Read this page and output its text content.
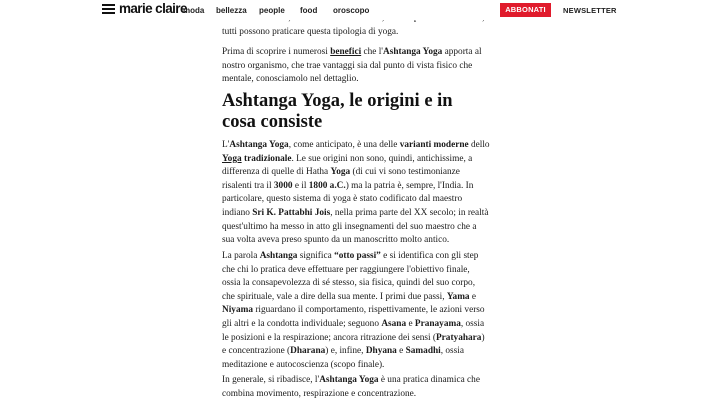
marie claire
moda bellezza people food oroscopo	ABBONATI	NEWSLETTER
tutti possono praticare questa tipologia di yoga.

Prima di scoprire i numerosi benefici che l'Ashtanga Yoga apporta al nostro organismo, che trae vantaggi sia dal punto di vista fisico che mentale, conosciamolo nel dettaglio.

Ashtanga Yoga, le origini e in cosa consiste

L'Ashtanga Yoga, come anticipato, è una delle varianti moderne dello Yoga tradizionale. Le sue origini non sono, quindi, antichissime, a differenza di quelle di Hatha Yoga (di cui vi sono testimonianze risalenti tra il 3000 e il 1800 a.C.) ma la patria è, sempre, l'India. In particolare, questo sistema di yoga è stato codificato dal maestro indiano Sri K. Pattabhi Jois, nella prima parte del XX secolo; in realtà quest'ultimo ha messo in atto gli insegnamenti del suo maestro che a sua volta aveva preso spunto da un manoscritto molto antico.

La parola Ashtanga significa “otto passi” e si identifica con gli step che chi lo pratica deve effettuare per raggiungere l'obiettivo finale, ossia la consapevolezza di sé stesso, sia fisica, quindi del suo corpo, che spirituale, vale a dire della sua mente. I primi due passi, Yama e Niyama riguardano il comportamento, rispettivamente, le azioni verso gli altri e la condotta individuale; seguono Asana e Pranayama, ossia le posizioni e la respirazione; ancora ritrazione dei sensi (Pratyahara) e concentrazione (Dharana) e, infine, Dhyana e Samadhi, ossia meditazione e autocoscienza (scopo finale).

In generale, si ribadisce, l'Ashtanga Yoga è una pratica dinamica che combina movimento, respirazione e concentrazione.
